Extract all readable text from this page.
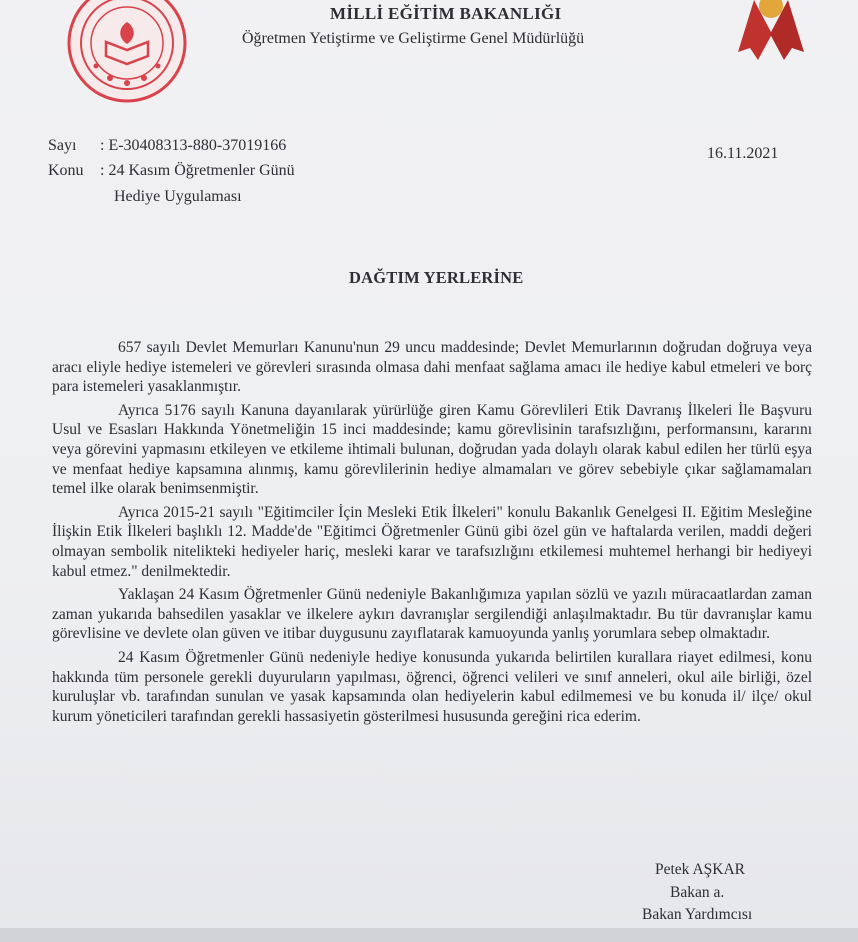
MİLLİ EĞİTİM BAKANLIĞI
Öğretmen Yetiştirme ve Geliştirme Genel Müdürlüğü
Sayı : E-30408313-880-37019166
Konu : 24 Kasım Öğretmenler Günü
Hediye Uygulaması
16.11.2021
DAĞTIM YERLERİNE

657 sayılı Devlet Memurları Kanunu'nun 29 uncu maddesinde; Devlet Memurlarının doğrudan doğruya veya aracı eliyle hediye istemeleri ve görevleri sırasında olmasa dahi menfaat sağlama amacı ile hediye kabul etmeleri ve borç para istemeleri yasaklanmıştır.

Ayrıca 5176 sayılı Kanuna dayanılarak yürürlüğe giren Kamu Görevlileri Etik Davranış İlkeleri İle Başvuru Usul ve Esasları Hakkında Yönetmeliğin 15 inci maddesinde; kamu görevlisinin tarafsızlığını, performansını, kararını veya görevini yapmasını etkileyen ve etkileme ihtimali bulunan, doğrudan yada dolaylı olarak kabul edilen her türlü eşya ve menfaat hediye kapsamına alınmış, kamu görevlilerinin hediye almamaları ve görev sebebiyle çıkar sağlamamaları temel ilke olarak benimsenmiştir.

Ayrıca 2015-21 sayılı "Eğitimciler İçin Mesleki Etik İlkeleri" konulu Bakanlık Genelgesi II. Eğitim Mesleğine İlişkin Etik İlkeleri başlıklı 12. Madde'de "Eğitimci Öğretmenler Günü gibi özel gün ve haftalarda verilen, maddi değeri olmayan sembolik nitelikteki hediyeler hariç, mesleki karar ve tarafsızlığını etkilemesi muhtemel herhangi bir hediyeyi kabul etmez." denilmektedir.

Yaklaşan 24 Kasım Öğretmenler Günü nedeniyle Bakanlığımıza yapılan sözlü ve yazılı müracaatlardan zaman zaman yukarıda bahsedilen yasaklar ve ilkelere aykırı davranışlar sergilendiği anlaşılmaktadır. Bu tür davranışlar kamu görevlisine ve devlete olan güven ve itibar duygusunu zayıflatarak kamuoyunda yanlış yorumlara sebep olmaktadır.

24 Kasım Öğretmenler Günü nedeniyle hediye konusunda yukarıda belirtilen kurallara riayet edilmesi, konu hakkında tüm personele gerekli duyuruların yapılması, öğrenci, öğrenci velileri ve sınıf anneleri, okul aile birliği, özel kuruluşlar vb. tarafından sunulan ve yasak kapsamında olan hediyelerin kabul edilmemesi ve bu konuda il/ ilçe/ okul kurum yöneticileri tarafından gerekli hassasiyetin gösterilmesi hususunda gereğini rica ederim.

Petek AŞKAR
Bakan a.
Bakan Yardımcısı
